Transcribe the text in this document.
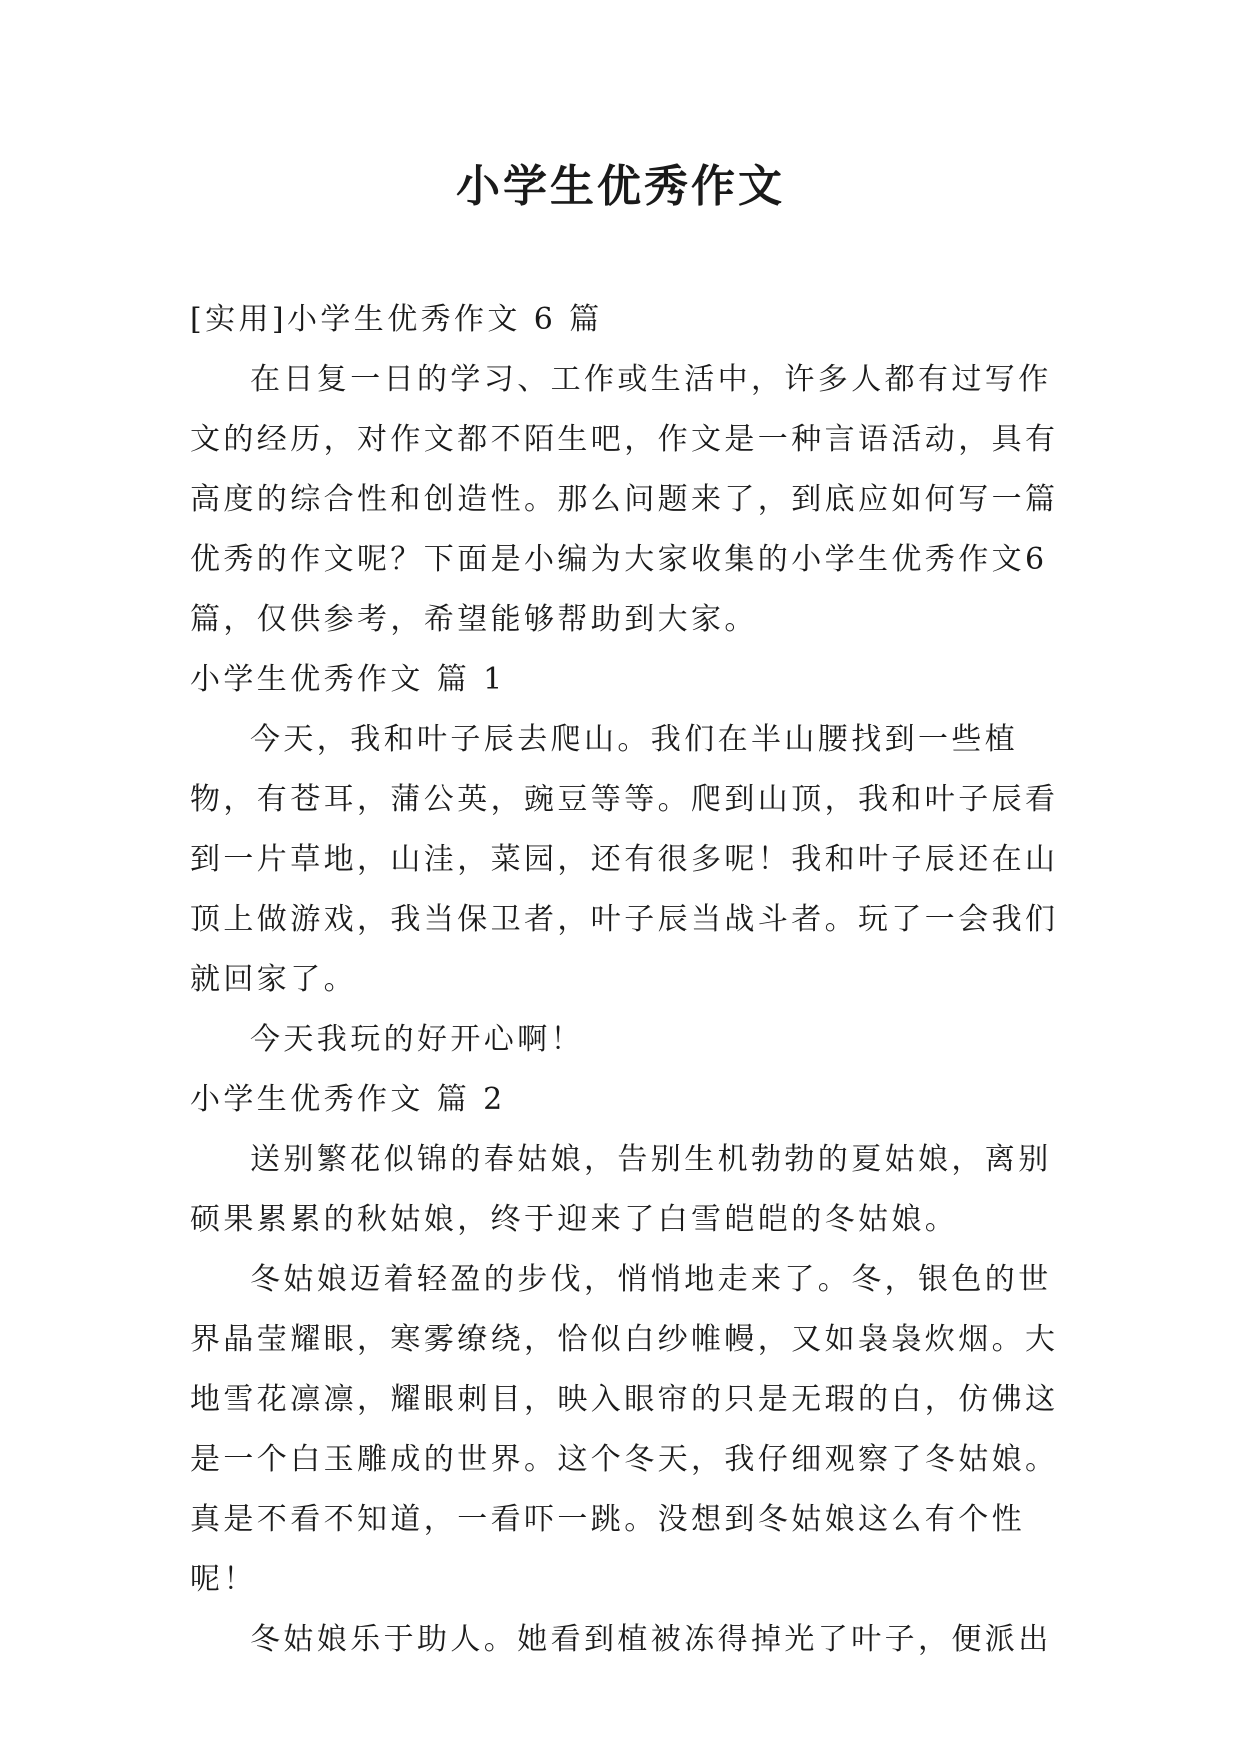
小学生优秀作文

[实用]小学生优秀作文 6 篇

在日复一日的学习、工作或生活中，许多人都有过写作文的经历，对作文都不陌生吧，作文是一种言语活动，具有高度的综合性和创造性。那么问题来了，到底应如何写一篇优秀的作文呢？下面是小编为大家收集的小学生优秀作文6篇，仅供参考，希望能够帮助到大家。

小学生优秀作文 篇 1

今天，我和叶子辰去爬山。我们在半山腰找到一些植物，有苍耳，蒲公英，豌豆等等。爬到山顶，我和叶子辰看到一片草地，山洼，菜园，还有很多呢！我和叶子辰还在山顶上做游戏，我当保卫者，叶子辰当战斗者。玩了一会我们就回家了。

今天我玩的好开心啊！

小学生优秀作文 篇 2

送别繁花似锦的春姑娘，告别生机勃勃的夏姑娘，离别硕果累累的秋姑娘，终于迎来了白雪皑皑的冬姑娘。

冬姑娘迈着轻盈的步伐，悄悄地走来了。冬，银色的世界晶莹耀眼，寒雾缭绕，恰似白纱帷幔，又如袅袅炊烟。大地雪花凛凛，耀眼刺目，映入眼帘的只是无瑕的白，仿佛这是一个白玉雕成的世界。这个冬天，我仔细观察了冬姑娘。真是不看不知道，一看吓一跳。没想到冬姑娘这么有个性呢！

冬姑娘乐于助人。她看到植被冻得掉光了叶子，便派出
